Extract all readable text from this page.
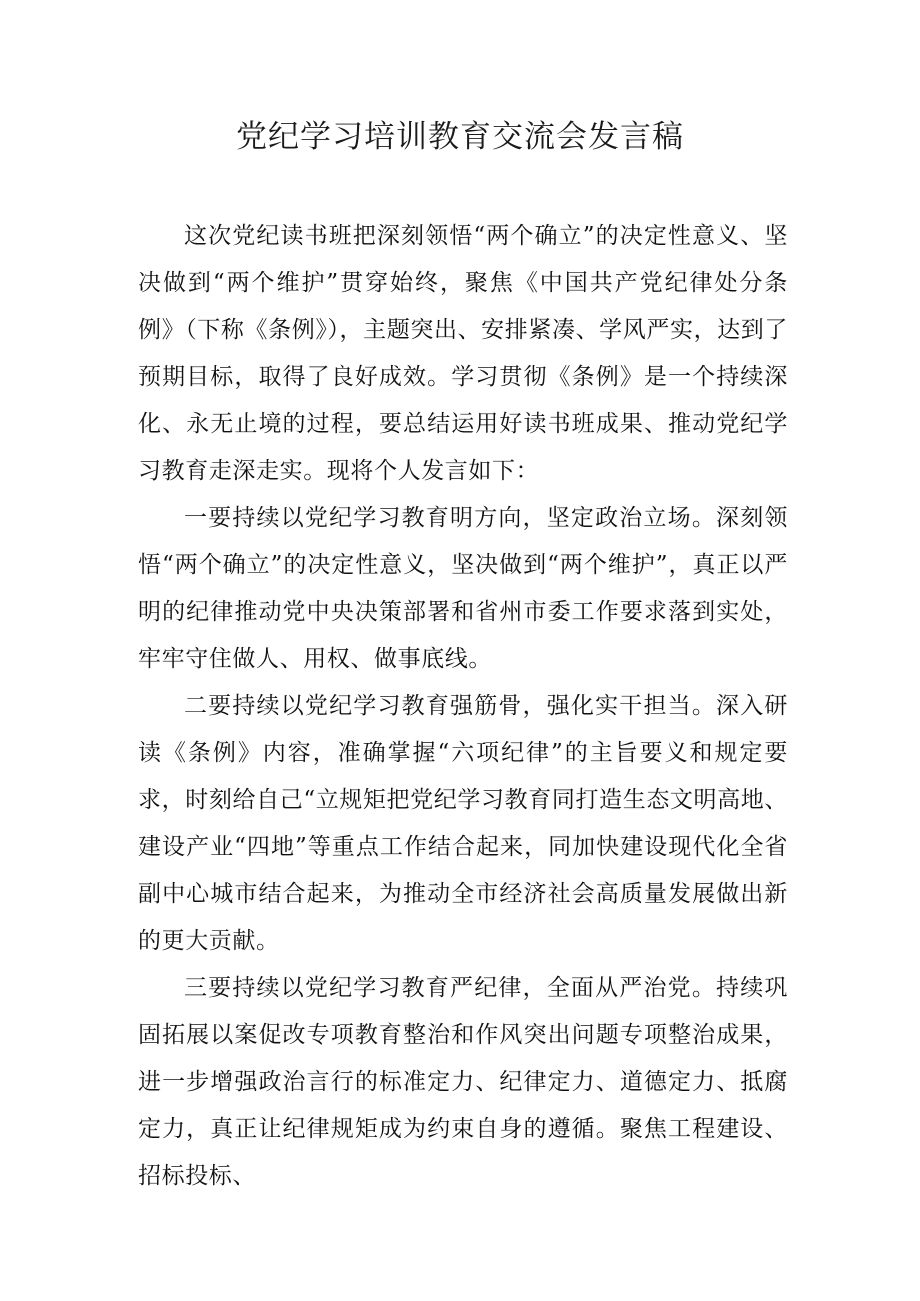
党纪学习培训教育交流会发言稿

这次党纪读书班把深刻领悟“两个确立”的决定性意义、坚决做到“两个维护”贯穿始终，聚焦《中国共产党纪律处分条例》（下称《条例》），主题突出、安排紧凑、学风严实，达到了预期目标，取得了良好成效。学习贯彻《条例》是一个持续深化、永无止境的过程，要总结运用好读书班成果、推动党纪学习教育走深走实。现将个人发言如下：

一要持续以党纪学习教育明方向，坚定政治立场。深刻领悟“两个确立”的决定性意义，坚决做到“两个维护”，真正以严明的纪律推动党中央决策部署和省州市委工作要求落到实处，牢牢守住做人、用权、做事底线。

二要持续以党纪学习教育强筋骨，强化实干担当。深入研读《条例》内容，准确掌握“六项纪律”的主旨要义和规定要求，时刻给自己“立规矩把党纪学习教育同打造生态文明高地、建设产业“四地”等重点工作结合起来，同加快建设现代化全省副中心城市结合起来，为推动全市经济社会高质量发展做出新的更大贡献。

三要持续以党纪学习教育严纪律，全面从严治党。持续巩固拓展以案促改专项教育整治和作风突出问题专项整治成果，进一步增强政治言行的标准定力、纪律定力、道德定力、抵腐定力，真正让纪律规矩成为约束自身的遵循。聚焦工程建设、招标投标、
